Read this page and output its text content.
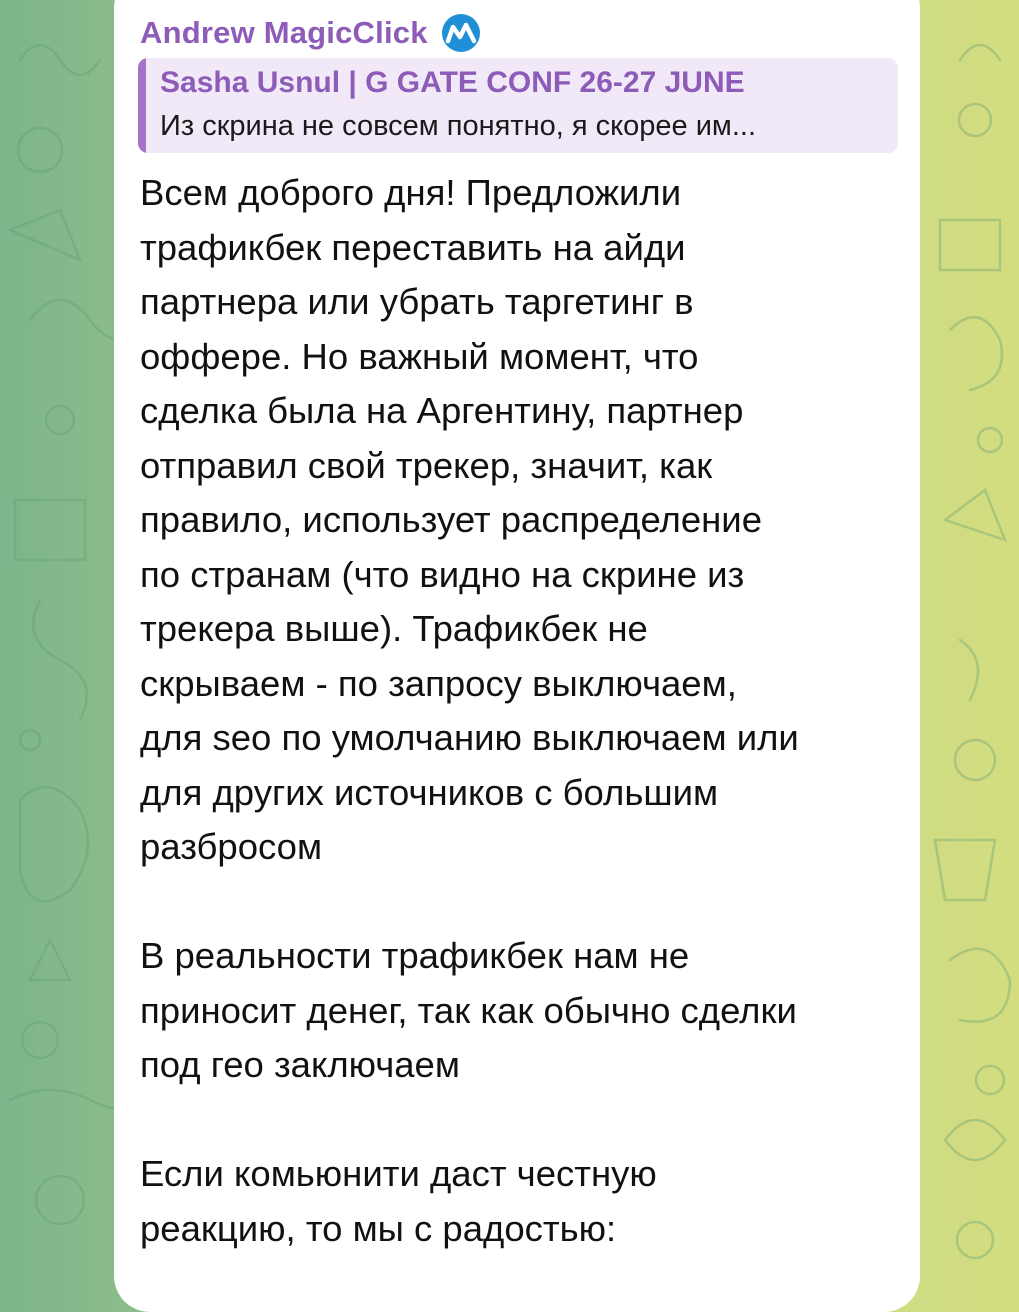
Andrew MagicClick
Sasha Usnul | G GATE CONF 26-27 JUNE
Из скрина не совсем понятно, я скорее им...

Всем доброго дня! Предложили

трафикбек переставить на айди

партнера или убрать таргетинг в

оффере. Но важный момент, что

сделка была на Аргентину, партнер

отправил свой трекер, значит, как

правило, использует распределение

по странам (что видно на скрине из

трекера выше). Трафикбек не

скрываем - по запросу выключаем,

для seo по умолчанию выключаем или

для других источников с большим

разбросом

В реальности трафикбек нам не

приносит денег, так как обычно сделки

под гео заключаем

Если комьюнити даст честную

реакцию, то мы с радостью:
